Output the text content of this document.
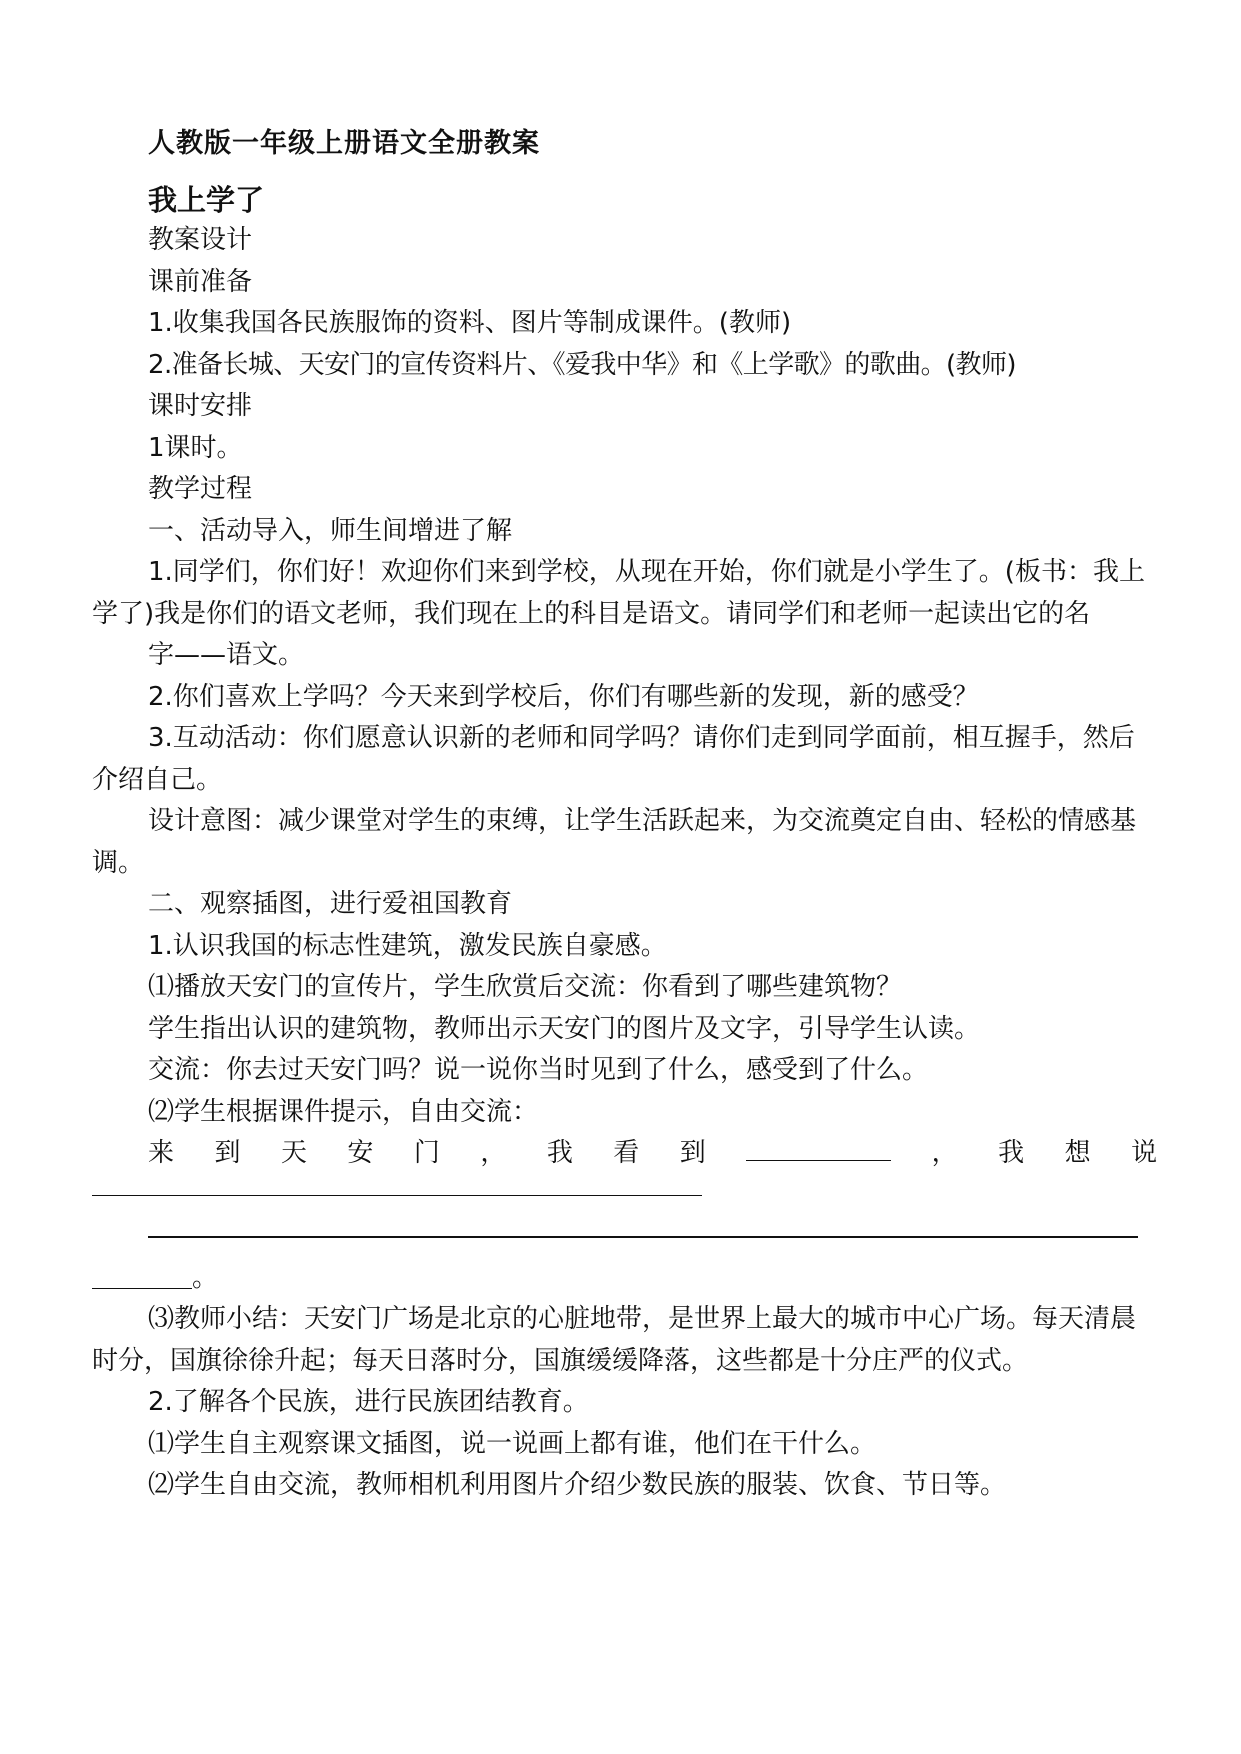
人教版一年级上册语文全册教案
我上学了

教案设计

课前准备

1.收集我国各民族服饰的资料、图片等制成课件。(教师)

2.准备长城、天安门的宣传资料片、《爱我中华》和《上学歌》的歌曲。(教师)

课时安排

1课时。

教学过程

一、活动导入，师生间增进了解

1.同学们，你们好！欢迎你们来到学校，从现在开始，你们就是小学生了。(板书：我上学了)我是你们的语文老师，我们现在上的科目是语文。请同学们和老师一起读出它的名

字——语文。

2.你们喜欢上学吗？今天来到学校后，你们有哪些新的发现，新的感受？

3.互动活动：你们愿意认识新的老师和同学吗？请你们走到同学面前，相互握手，然后介绍自己。

设计意图：减少课堂对学生的束缚，让学生活跃起来，为交流奠定自由、轻松的情感基调。

二、观察插图，进行爱祖国教育

1.认识我国的标志性建筑，激发民族自豪感。

⑴播放天安门的宣传片，学生欣赏后交流：你看到了哪些建筑物？

学生指出认识的建筑物，教师出示天安门的图片及文字，引导学生认读。

交流：你去过天安门吗？说一说你当时见到了什么，感受到了什么。

⑵学生根据课件提示，自由交流：

来 到 天 安 门 ， 我 看 到	， 我 想 说
。

⑶教师小结：天安门广场是北京的心脏地带，是世界上最大的城市中心广场。每天清晨时分，国旗徐徐升起；每天日落时分，国旗缓缓降落，这些都是十分庄严的仪式。

2.了解各个民族，进行民族团结教育。

⑴学生自主观察课文插图，说一说画上都有谁，他们在干什么。

⑵学生自由交流，教师相机利用图片介绍少数民族的服装、饮食、节日等。
